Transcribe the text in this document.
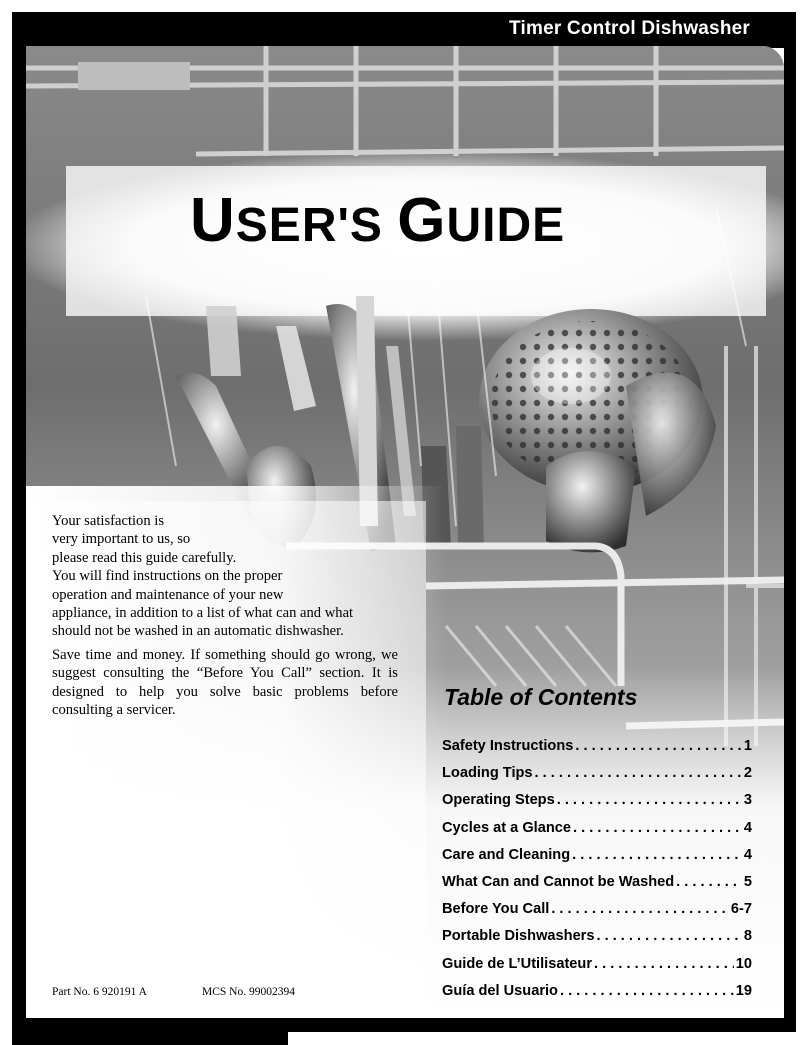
Timer Control Dishwasher
USER'S GUIDE
Your satisfaction is
very important to us, so
please read this guide carefully.
You will find instructions on the proper
operation and maintenance of your new
appliance, in addition to a list of what can and what
should not be washed in an automatic dishwasher.
Save time and money. If something should go wrong, we suggest consulting the “Before You Call” section. It is designed to help you solve basic problems before consulting a servicer.
Table of Contents
Safety Instructions . . .	1
Loading Tips . . .	2
Operating Steps . . .	3
Cycles at a Glance . . .	4
Care and Cleaning . . .	4
What Can and Cannot be Washed . . .	5
Before You Call . . .	6-7
Portable Dishwashers . . .	8
Guide de L’Utilisateur . . .	10
Guía del Usuario . . .	19
Part No. 6 920191 A	MCS No. 99002394
